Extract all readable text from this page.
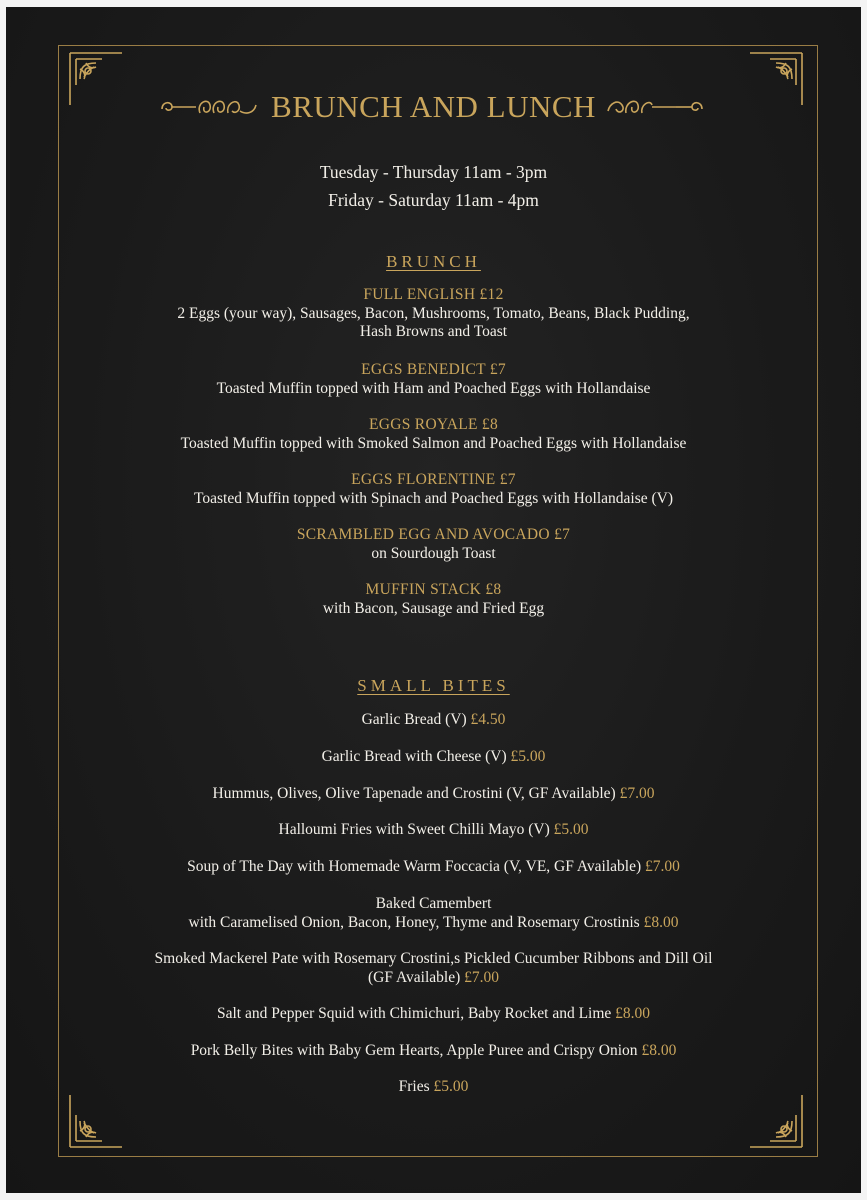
BRUNCH AND LUNCH
Tuesday - Thursday 11am - 3pm
Friday - Saturday 11am - 4pm
BRUNCH
FULL ENGLISH £12
2 Eggs (your way), Sausages, Bacon, Mushrooms, Tomato, Beans, Black Pudding,
Hash Browns and Toast
EGGS BENEDICT £7
Toasted Muffin topped with Ham and Poached Eggs with Hollandaise
EGGS ROYALE £8
Toasted Muffin topped with Smoked Salmon and Poached Eggs with Hollandaise
EGGS FLORENTINE £7
Toasted Muffin topped with Spinach and Poached Eggs with Hollandaise (V)
SCRAMBLED EGG AND AVOCADO £7
on Sourdough Toast
MUFFIN STACK £8
with Bacon, Sausage and Fried Egg
SMALL BITES
Garlic Bread (V) £4.50
Garlic Bread with Cheese (V) £5.00
Hummus, Olives, Olive Tapenade and Crostini (V, GF Available) £7.00
Halloumi Fries with Sweet Chilli Mayo (V) £5.00
Soup of The Day with Homemade Warm Foccacia (V, VE, GF Available) £7.00
Baked Camembert
with Caramelised Onion, Bacon, Honey, Thyme and Rosemary Crostinis £8.00
Smoked Mackerel Pate with Rosemary Crostini,s Pickled Cucumber Ribbons and Dill Oil
(GF Available) £7.00
Salt and Pepper Squid with Chimichuri, Baby Rocket and Lime £8.00
Pork Belly Bites with Baby Gem Hearts, Apple Puree and Crispy Onion £8.00
Fries £5.00
